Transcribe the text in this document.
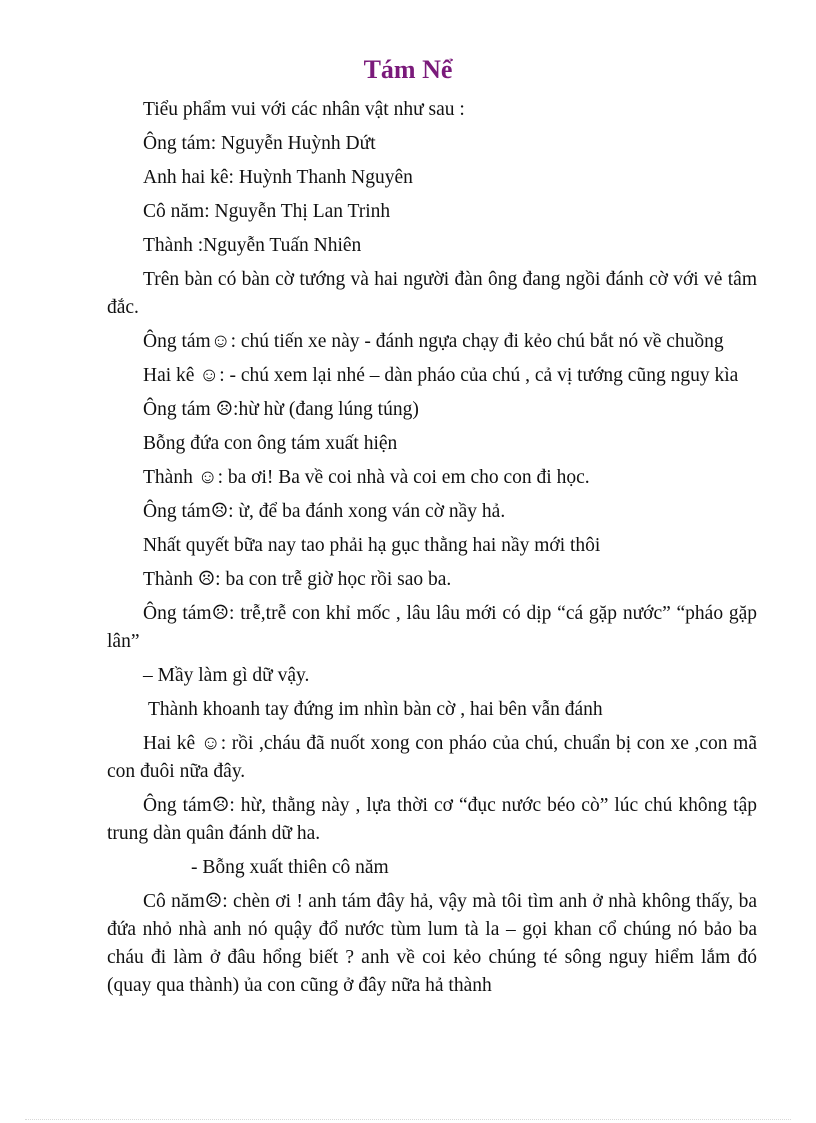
Tám Nể

Tiểu phẩm vui với các nhân vật như sau :

Ông tám: Nguyễn Huỳnh Dứt

Anh hai kê: Huỳnh Thanh Nguyên

Cô năm: Nguyễn Thị Lan Trinh

Thành :Nguyễn Tuấn Nhiên

Trên bàn có bàn cờ tướng và hai người đàn ông đang ngồi đánh cờ với vẻ tâm đắc.

Ông tám☺: chú tiến xe này - đánh ngựa chạy đi kẻo chú bắt nó về chuồng

Hai kê ☺: - chú xem lại nhé – dàn pháo của chú , cả vị tướng cũng nguy kìa

Ông tám ☹:hừ hừ (đang lúng túng)

Bỗng đứa con ông tám xuất hiện

Thành ☺: ba ơi! Ba về coi nhà và coi em cho con đi học.

Ông tám☹: ừ, để ba đánh xong ván cờ nầy hả.

Nhất quyết bữa nay tao phải hạ gục thằng hai nầy mới thôi

Thành ☹: ba con trễ giờ học rồi sao ba.

Ông tám☹: trễ,trễ con khỉ mốc , lâu lâu mới có dịp “cá gặp nước” “pháo gặp lân”

– Mầy làm gì dữ vậy.

Thành khoanh tay đứng im nhìn bàn cờ , hai bên vẫn đánh

Hai kê ☺: rồi ,cháu đã nuốt xong con pháo của chú, chuẩn bị con xe ,con mã con đuôi nữa đây.

Ông tám☹: hừ, thằng này , lựa thời cơ “đục nước béo cò” lúc chú không tập trung dàn quân đánh dữ ha.

- Bỗng xuất thiên cô năm

Cô năm☹: chèn ơi ! anh tám đây hả, vậy mà tôi tìm anh ở nhà không thấy, ba đứa nhỏ nhà anh nó quậy đổ nước tùm lum tà la – gọi khan cổ chúng nó bảo ba cháu đi làm ở đâu hổng biết ? anh về coi kẻo chúng té sông nguy hiểm lắm đó (quay qua thành) ủa con cũng ở đây nữa hả thành
